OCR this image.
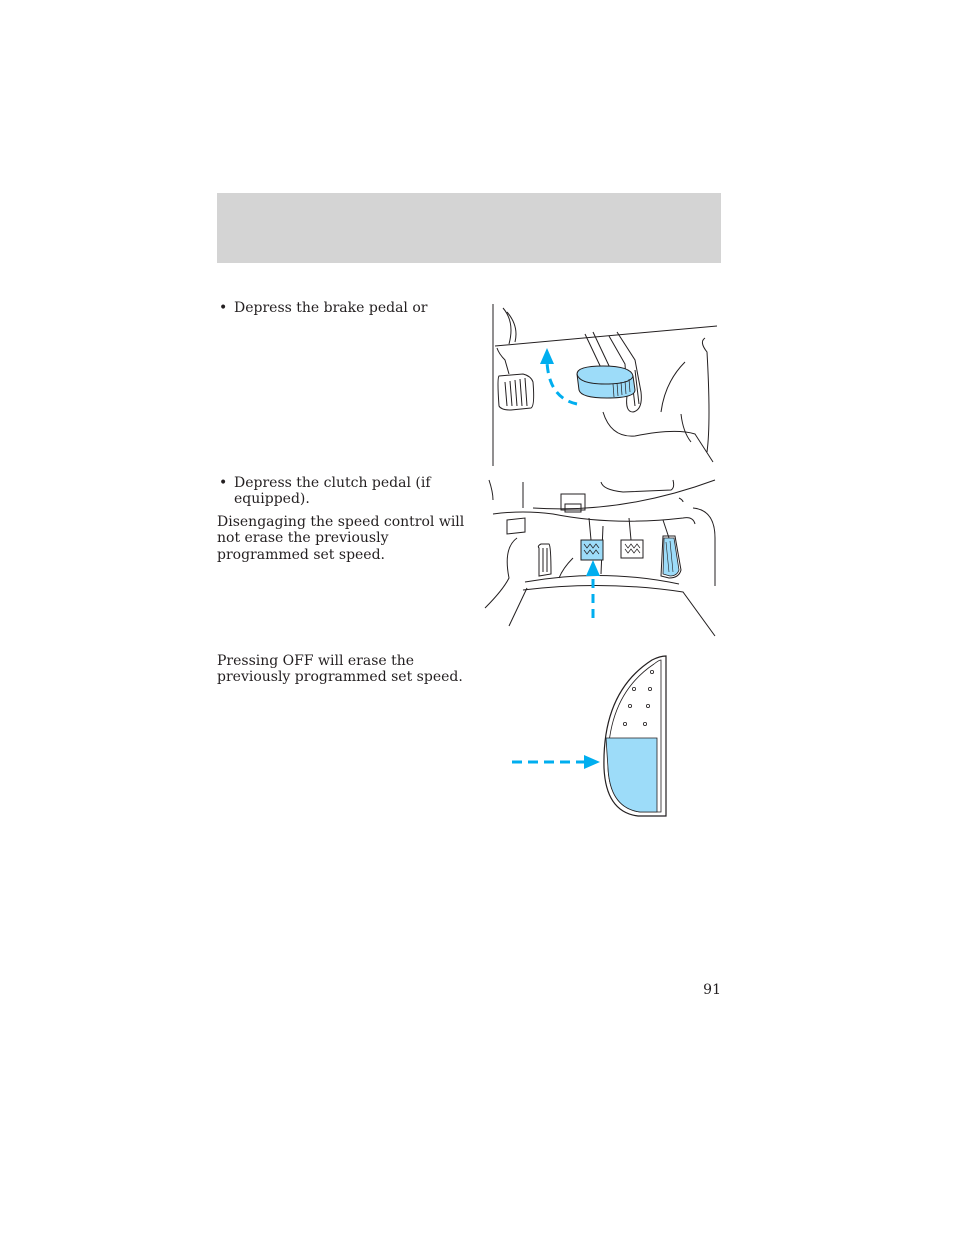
• Depress the brake pedal or

• Depress the clutch pedal (if

equipped).

Disengaging the speed control will

not erase the previously

programmed set speed.

Pressing OFF will erase the

previously programmed set speed.

91
